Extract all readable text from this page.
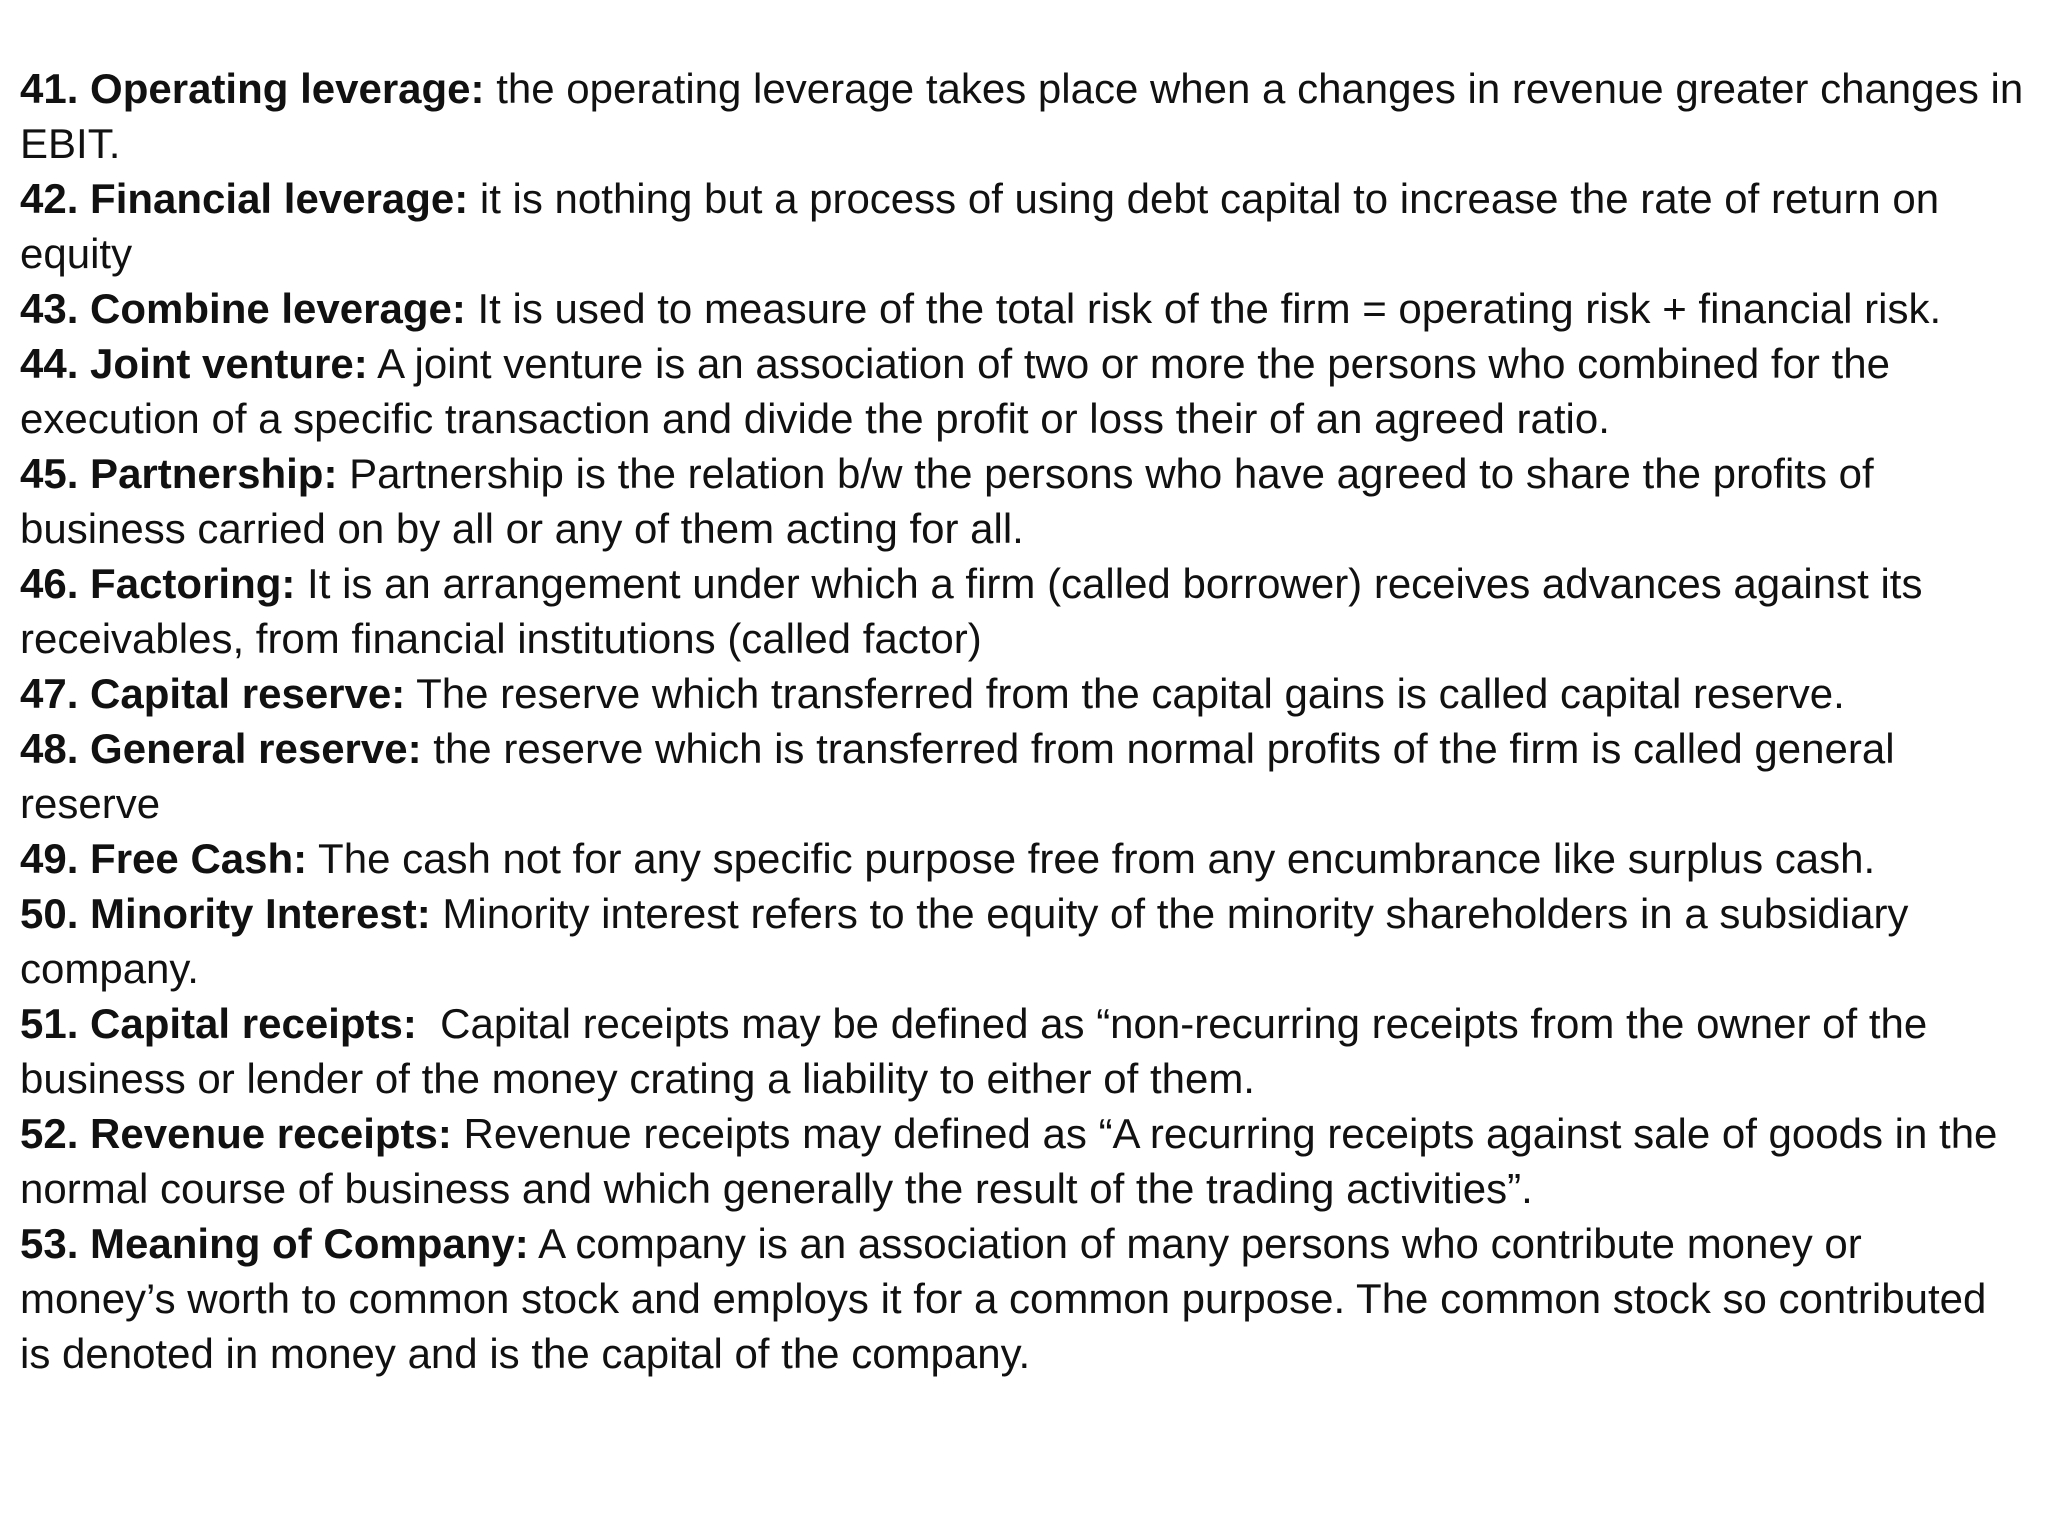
41. Operating leverage: the operating leverage takes place when a changes in revenue greater changes in EBIT.

42. Financial leverage: it is nothing but a process of using debt capital to increase the rate of return on equity

43. Combine leverage: It is used to measure of the total risk of the firm = operating risk + financial risk.

44. Joint venture: A joint venture is an association of two or more the persons who combined for the execution of a specific transaction and divide the profit or loss their of an agreed ratio.

45. Partnership: Partnership is the relation b/w the persons who have agreed to share the profits of business carried on by all or any of them acting for all.

46. Factoring: It is an arrangement under which a firm (called borrower) receives advances against its receivables, from financial institutions (called factor)

47. Capital reserve: The reserve which transferred from the capital gains is called capital reserve.

48. General reserve: the reserve which is transferred from normal profits of the firm is called general reserve

49. Free Cash: The cash not for any specific purpose free from any encumbrance like surplus cash.

50. Minority Interest: Minority interest refers to the equity of the minority shareholders in a subsidiary company.

51. Capital receipts:  Capital receipts may be defined as “non-recurring receipts from the owner of the business or lender of the money crating a liability to either of them.

52. Revenue receipts: Revenue receipts may defined as “A recurring receipts against sale of goods in the normal course of business and which generally the result of the trading activities”.

53. Meaning of Company: A company is an association of many persons who contribute money or money’s worth to common stock and employs it for a common purpose. The common stock so contributed is denoted in money and is the capital of the company.
